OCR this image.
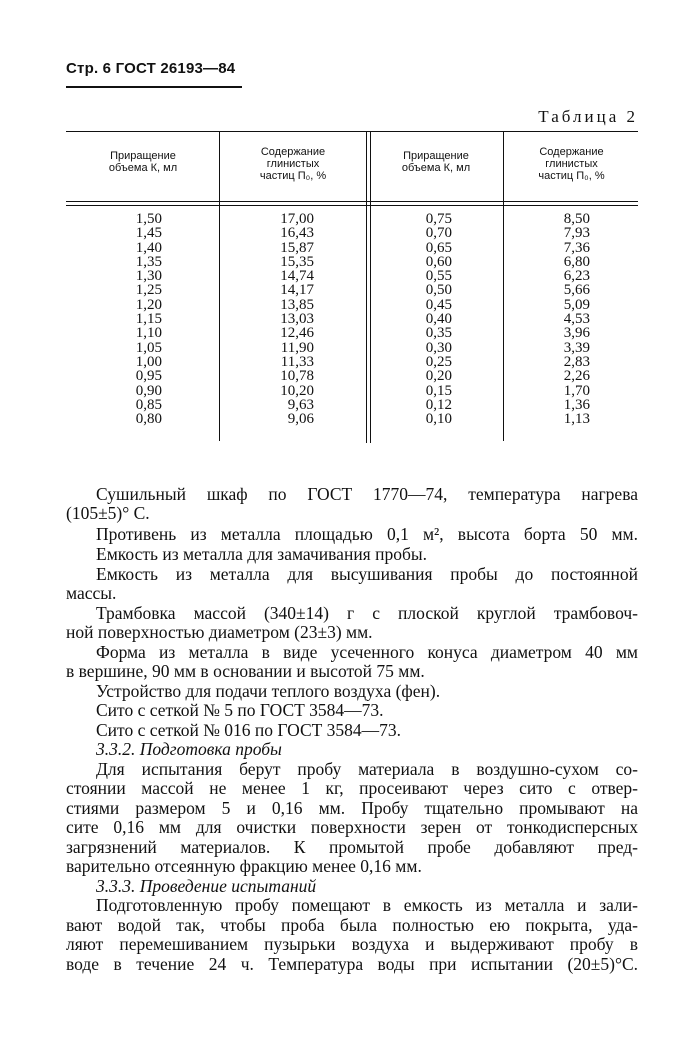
Стр. 6 ГОСТ 26193—84
Таблица 2
Приращение
объема К, мл
Содержание
глинистых
частиц П₀, %
Приращение
объема К, мл
Содержание
глинистых
частиц П₀, %
1,50
1,45
1,40
1,35
1,30
1,25
1,20
1,15
1,10
1,05
1,00
0,95
0,90
0,85
0,80
17,00
16,43
15,87
15,35
14,74
14,17
13,85
13,03
12,46
11,90
11,33
10,78
10,20
9,63
9,06
0,75
0,70
0,65
0,60
0,55
0,50
0,45
0,40
0,35
0,30
0,25
0,20
0,15
0,12
0,10
8,50
7,93
7,36
6,80
6,23
5,66
5,09
4,53
3,96
3,39
2,83
2,26
1,70
1,36
1,13
Сушильный шкаф по ГОСТ 1770—74, температура нагрева
(105±5)° С.
Противень из металла площадью 0,1 м², высота борта 50 мм.
Емкость из металла для замачивания пробы.
Емкость из металла для высушивания пробы до постоянной
массы.
Трамбовка массой (340±14) г с плоской круглой трамбовоч-
ной поверхностью диаметром (23±3) мм.
Форма из металла в виде усеченного конуса диаметром 40 мм
в вершине, 90 мм в основании и высотой 75 мм.
Устройство для подачи теплого воздуха (фен).
Сито с сеткой № 5 по ГОСТ 3584—73.
Сито с сеткой № 016 по ГОСТ 3584—73.
3.3.2. Подготовка пробы
Для испытания берут пробу материала в воздушно-сухом со-
стоянии массой не менее 1 кг, просеивают через сито с отвер-
стиями размером 5 и 0,16 мм. Пробу тщательно промывают на
сите 0,16 мм для очистки поверхности зерен от тонкодисперсных
загрязнений материалов. К промытой пробе добавляют пред-
варительно отсеянную фракцию менее 0,16 мм.
3.3.3. Проведение испытаний
Подготовленную пробу помещают в емкость из металла и зали-
вают водой так, чтобы проба была полностью ею покрыта, уда-
ляют перемешиванием пузырьки воздуха и выдерживают пробу в
воде в течение 24 ч. Температура воды при испытании (20±5)°С.
